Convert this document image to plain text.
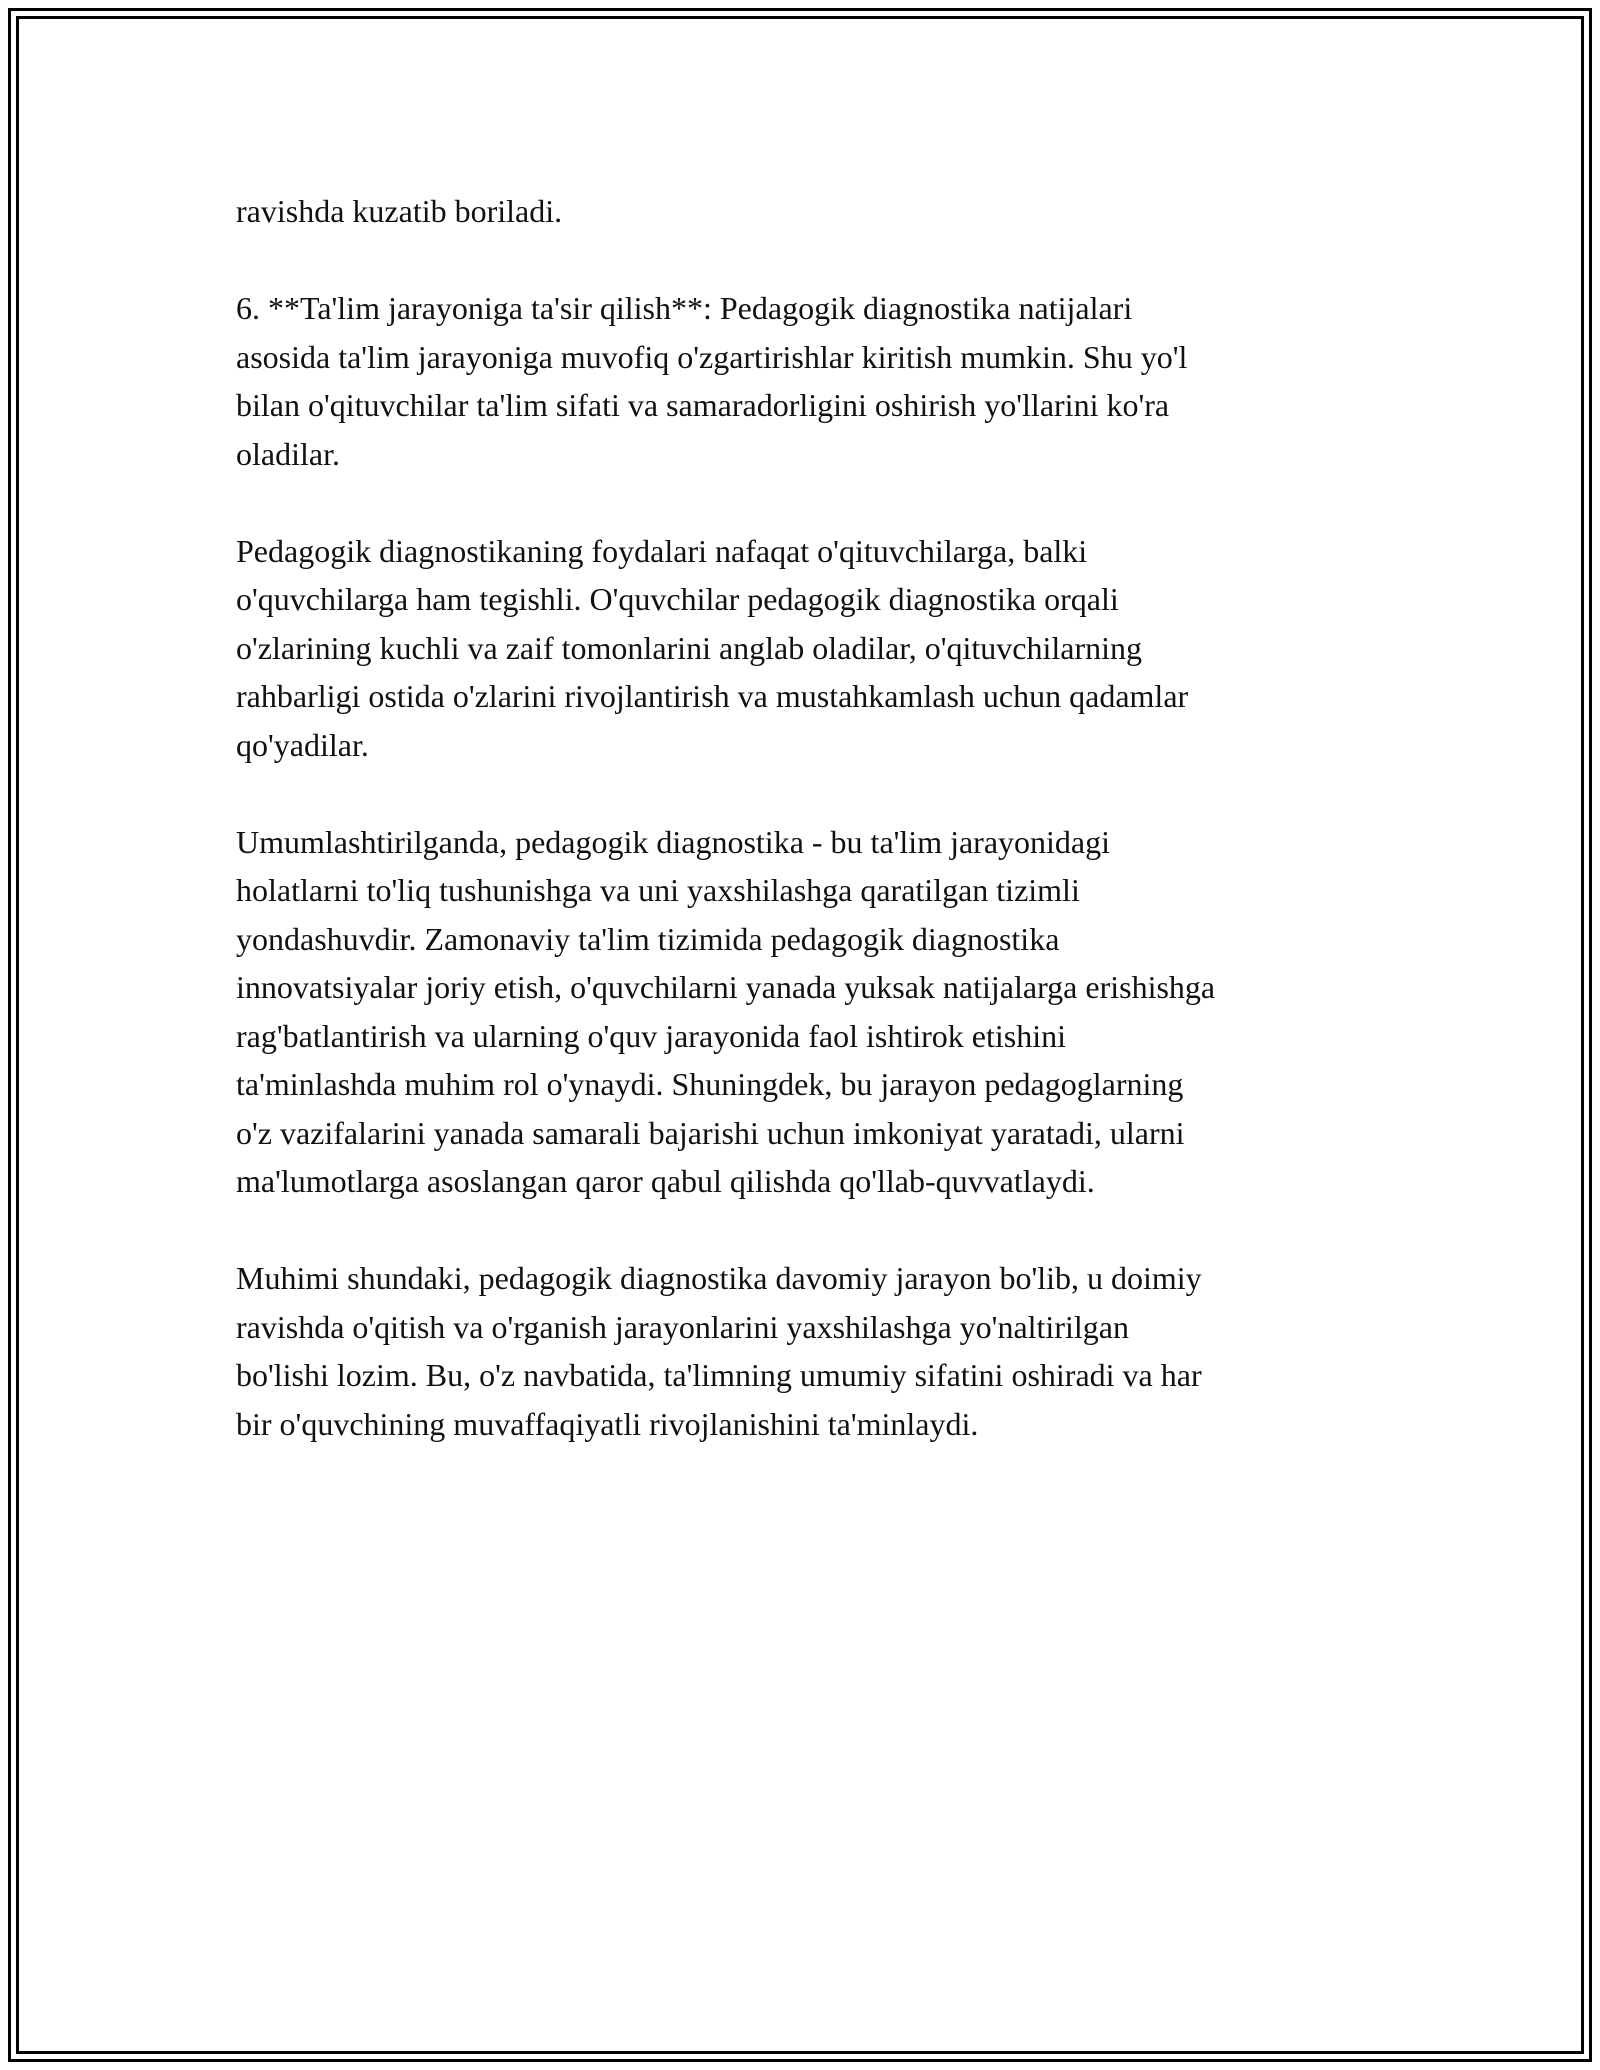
ravishda kuzatib boriladi.

6. **Ta'lim jarayoniga ta'sir qilish**: Pedagogik diagnostika natijalari
asosida ta'lim jarayoniga muvofiq o'zgartirishlar kiritish mumkin. Shu yo'l
bilan o'qituvchilar ta'lim sifati va samaradorligini oshirish yo'llarini ko'ra
oladilar.

Pedagogik diagnostikaning foydalari nafaqat o'qituvchilarga, balki
o'quvchilarga ham tegishli. O'quvchilar pedagogik diagnostika orqali
o'zlarining kuchli va zaif tomonlarini anglab oladilar, o'qituvchilarning
rahbarligi ostida o'zlarini rivojlantirish va mustahkamlash uchun qadamlar
qo'yadilar.

Umumlashtirilganda, pedagogik diagnostika - bu ta'lim jarayonidagi
holatlarni to'liq tushunishga va uni yaxshilashga qaratilgan tizimli
yondashuvdir. Zamonaviy ta'lim tizimida pedagogik diagnostika
innovatsiyalar joriy etish, o'quvchilarni yanada yuksak natijalarga erishishga
rag'batlantirish va ularning o'quv jarayonida faol ishtirok etishini
ta'minlashda muhim rol o'ynaydi. Shuningdek, bu jarayon pedagoglarning
o'z vazifalarini yanada samarali bajarishi uchun imkoniyat yaratadi, ularni
ma'lumotlarga asoslangan qaror qabul qilishda qo'llab-quvvatlaydi.

Muhimi shundaki, pedagogik diagnostika davomiy jarayon bo'lib, u doimiy
ravishda o'qitish va o'rganish jarayonlarini yaxshilashga yo'naltirilgan
bo'lishi lozim. Bu, o'z navbatida, ta'limning umumiy sifatini oshiradi va har
bir o'quvchining muvaffaqiyatli rivojlanishini ta'minlaydi.
